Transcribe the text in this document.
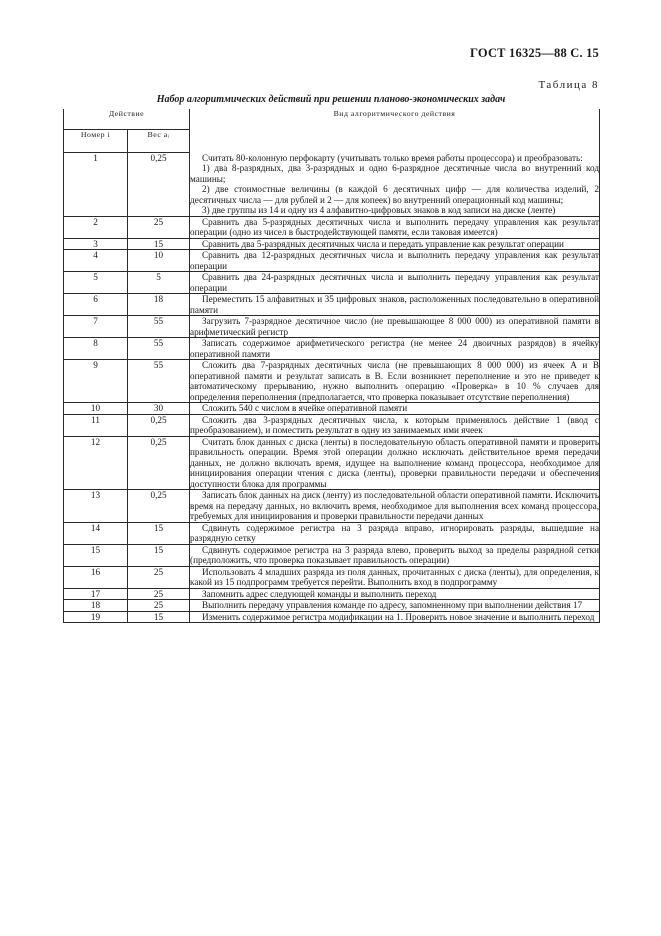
ГОСТ 16325—88 С. 15
Таблица 8
Набор алгоритмических действий при решении планово-экономических задач
Действие		Вид алгоритмического действия
Номер i	Вес aᵢ	
1	0,25	Считать 80-колонную перфокарту (учитывать только время работы процессора) и преобразовать:
1) два 8-разрядных, два 3-разрядных и одно 6-разрядное десятичные числа во внутренний код машины;
2) две стоимостные величины (в каждой 6 десятичных цифр — для количества изделий, 2 десятичных числа — для рублей и 2 — для копеек) во внутренний операционный код машины;
3) две группы из 14 и одну из 4 алфавитно-цифровых знаков в код записи на диске (ленте)

2	25	Сравнить два 5-разрядных десятичных числа и выполнить передачу управления как результат операции (одно из чисел в быстродействующей памяти, если таковая имеется)
3	15	Сравнить два 5-разрядных десятичных числа и передать управление как результат операции
4	10	Сравнить два 12-разрядных десятичных числа и выполнить передачу управления как результат операции
5	5	Сравнить два 24-разрядных десятичных числа и выполнить передачу управления как результат операции
6	18	Переместить 15 алфавитных и 35 цифровых знаков, расположенных последовательно в оперативной памяти
7	55	Загрузить 7-разрядное десятичное число (не превышающее 8 000 000) из оперативной памяти в арифметический регистр
8	55	Записать содержимое арифметического регистра (не менее 24 двоичных разрядов) в ячейку оперативной памяти
9	55	Сложить два 7-разрядных десятичных числа (не превышающих 8 000 000) из ячеек А и В оперативной памяти и результат записать в В. Если возникнет переполнение и это не приведет к автоматическому прерыванию, нужно выполнить операцию «Проверка» в 10 % случаев для определения переполнения (предполагается, что проверка показывает отсутствие переполнения)
10	30	Сложить 540 с числом в ячейке оперативной памяти
11	0,25	Сложить два 3-разрядных десятичных числа, к которым применялось действие 1 (ввод с преобразованием), и поместить результат в одну из занимаемых ими ячеек
12	0,25	Считать блок данных с диска (ленты) в последовательную область оперативной памяти и проверить правильность операции. Время этой операции должно исключать действительное время передачи данных, не должно включать время, идущее на выполнение команд процессора, необходимое для инициирования операции чтения с диска (ленты), проверки правильности передачи и обеспечения доступности блока для программы
13	0,25	Записать блок данных на диск (ленту) из последовательной области оперативной памяти. Исключить время на передачу данных, но включить время, необходимое для выполнения всех команд процессора, требуемых для инициирования и проверки правильности передачи данных
14	15	Сдвинуть содержимое регистра на 3 разряда вправо, игнорировать разряды, вышедшие на разрядную сетку
15	15	Сдвинуть содержимое регистра на 3 разряда влево, проверить выход за пределы разрядной сетки (предположить, что проверка показывает правильность операции)
16	25	Использовать 4 младших разряда из поля данных, прочитанных с диска (ленты), для определения, к какой из 15 подпрограмм требуется перейти. Выполнить вход в подпрограмму
17	25	Запомнить адрес следующей команды и выполнить переход
18	25	Выполнить передачу управления команде по адресу, запомненному при выполнении действия 17
19	15	Изменить содержимое регистра модификации на 1. Проверить новое значение и выполнить переход
